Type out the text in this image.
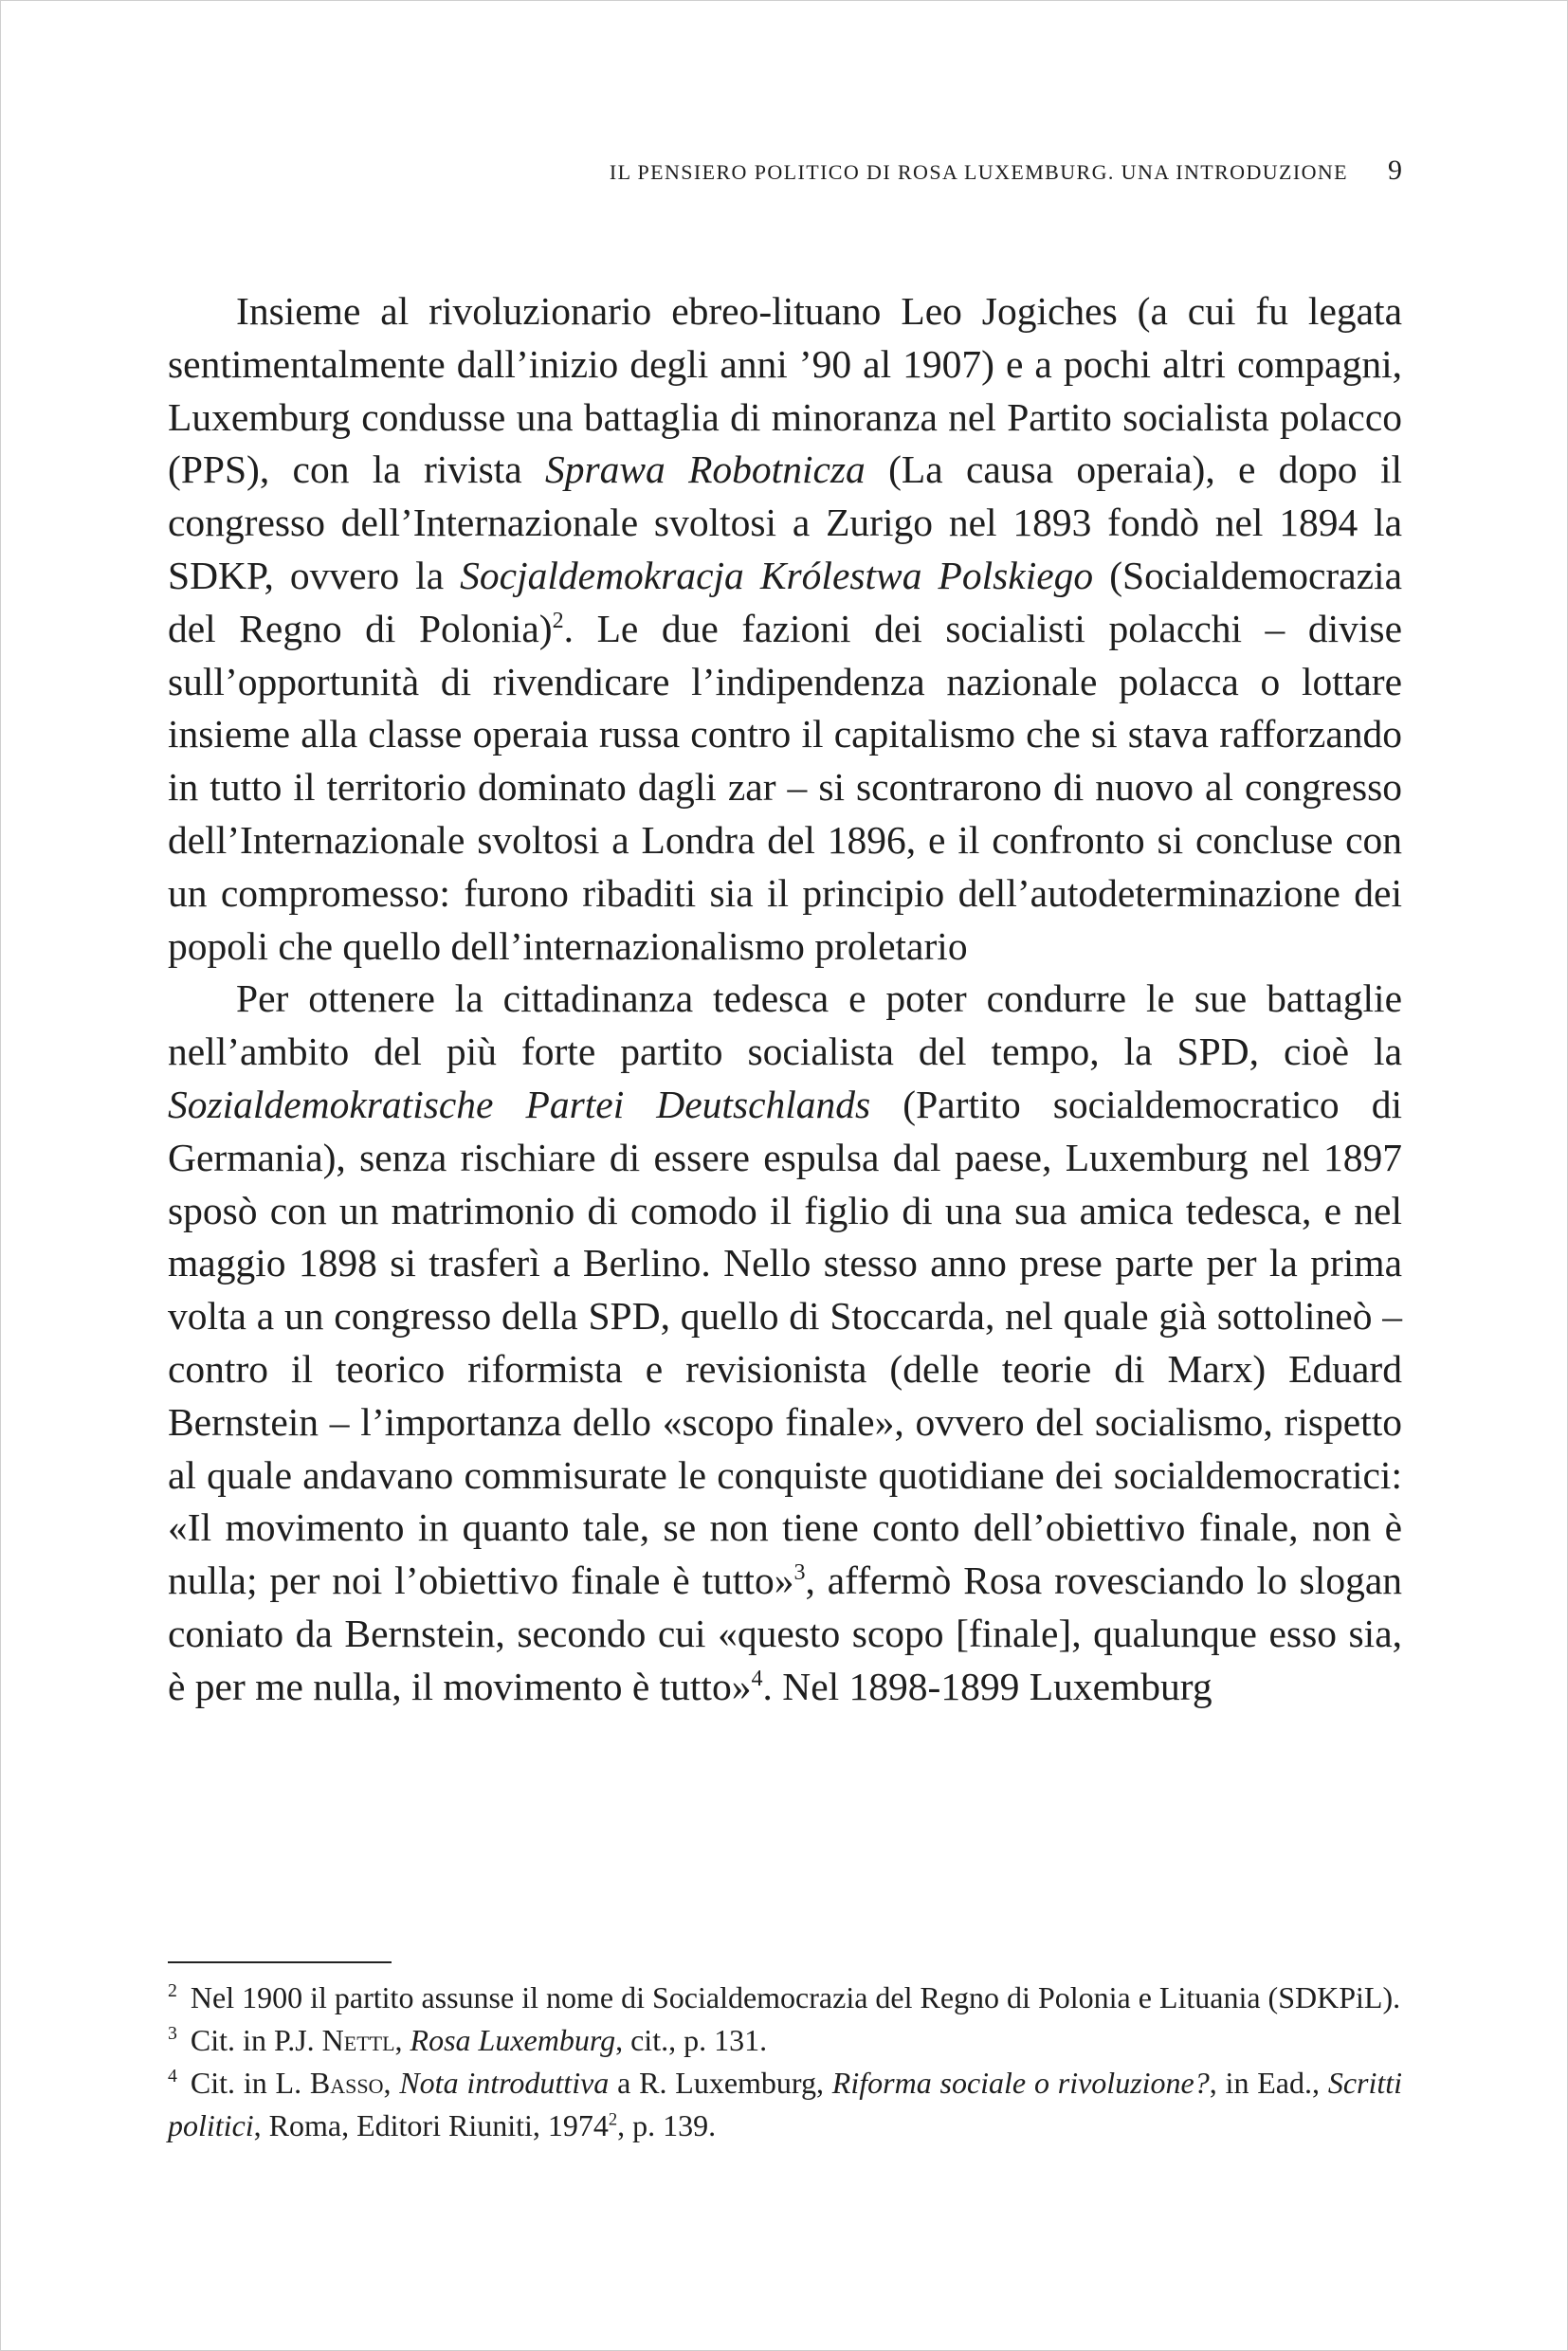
IL PENSIERO POLITICO DI ROSA LUXEMBURG. UNA INTRODUZIONE 9

Insieme al rivoluzionario ebreo-lituano Leo Jogiches (a cui fu legata sentimentalmente dall’inizio degli anni ’90 al 1907) e a pochi altri compagni, Luxemburg condusse una battaglia di minoranza nel Partito socialista polacco (PPS), con la rivista Sprawa Robotnicza (La causa operaia), e dopo il congresso dell’Internazionale svoltosi a Zurigo nel 1893 fondò nel 1894 la SDKP, ovvero la Socjaldemokracja Królestwa Polskiego (Socialdemocrazia del Regno di Polonia)$^2$. Le due fazioni dei socialisti polacchi – divise sull’opportunità di rivendicare l’indipendenza nazionale polacca o lottare insieme alla classe operaia russa contro il capitalismo che si stava rafforzando in tutto il territorio dominato dagli zar – si scontrarono di nuovo al congresso dell’Internazionale svoltosi a Londra del 1896, e il confronto si concluse con un compromesso: furono ribaditi sia il principio dell’autodeterminazione dei popoli che quello dell’internazionalismo proletario

Per ottenere la cittadinanza tedesca e poter condurre le sue battaglie nell’ambito del più forte partito socialista del tempo, la SPD, cioè la Sozialdemokratische Partei Deutschlands (Partito socialdemocratico di Germania), senza rischiare di essere espulsa dal paese, Luxemburg nel 1897 sposò con un matrimonio di comodo il figlio di una sua amica tedesca, e nel maggio 1898 si trasferì a Berlino. Nello stesso anno prese parte per la prima volta a un congresso della SPD, quello di Stoccarda, nel quale già sottolineò – contro il teorico riformista e revisionista (delle teorie di Marx) Eduard Bernstein – l’importanza dello «scopo finale», ovvero del socialismo, rispetto al quale andavano commisurate le conquiste quotidiane dei socialdemocratici: «Il movimento in quanto tale, se non tiene conto dell’obiettivo finale, non è nulla; per noi l’obiettivo finale è tutto»$^3$, affermò Rosa rovesciando lo slogan coniato da Bernstein, secondo cui «questo scopo [finale], qualunque esso sia, è per me nulla, il movimento è tutto»$^4$. Nel 1898-1899 Luxemburg

$^2$ Nel 1900 il partito assunse il nome di Socialdemocrazia del Regno di Polonia e Lituania (SDKPiL).

$^3$ Cit. in P.J. Nettl, Rosa Luxemburg, cit., p. 131.

$^4$ Cit. in L. Basso, Nota introduttiva a R. Luxemburg, Riforma sociale o rivoluzione?, in Ead., Scritti politici, Roma, Editori Riuniti, 1974$^2$, p. 139.
